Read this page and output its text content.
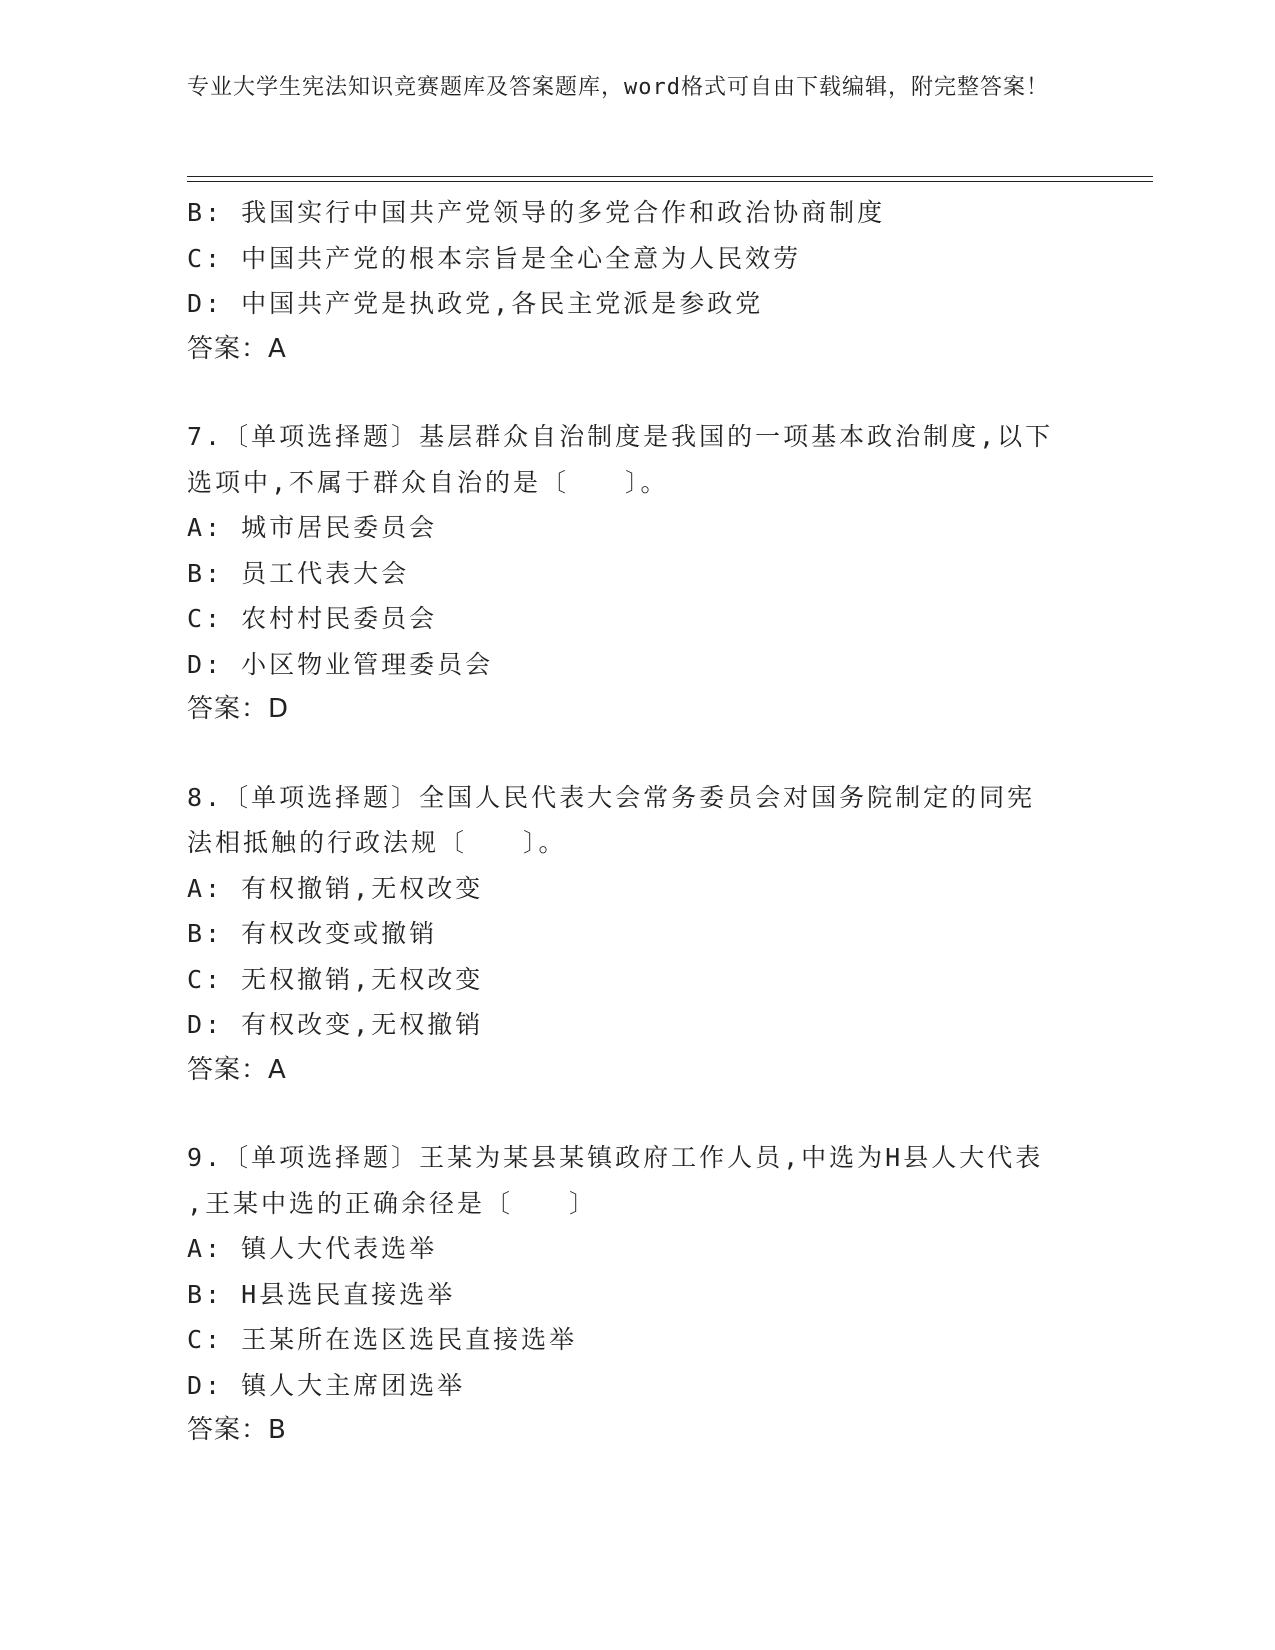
专业大学生宪法知识竞赛题库及答案题库，word格式可自由下载编辑，附完整答案！
B: 我国实行中国共产党领导的多党合作和政治协商制度
C: 中国共产党的根本宗旨是全心全意为人民效劳
D: 中国共产党是执政党,各民主党派是参政党
答案：A
7.〔单项选择题〕基层群众自治制度是我国的一项基本政治制度,以下
选项中,不属于群众自治的是〔　　〕。
A: 城市居民委员会
B: 员工代表大会
C: 农村村民委员会
D: 小区物业管理委员会
答案：D
8.〔单项选择题〕全国人民代表大会常务委员会对国务院制定的同宪
法相抵触的行政法规〔　　〕。
A: 有权撤销,无权改变
B: 有权改变或撤销
C: 无权撤销,无权改变
D: 有权改变,无权撤销
答案：A
9.〔单项选择题〕王某为某县某镇政府工作人员,中选为H县人大代表
,王某中选的正确余径是〔　　〕
A: 镇人大代表选举
B: H县选民直接选举
C: 王某所在选区选民直接选举
D: 镇人大主席团选举
答案：B
